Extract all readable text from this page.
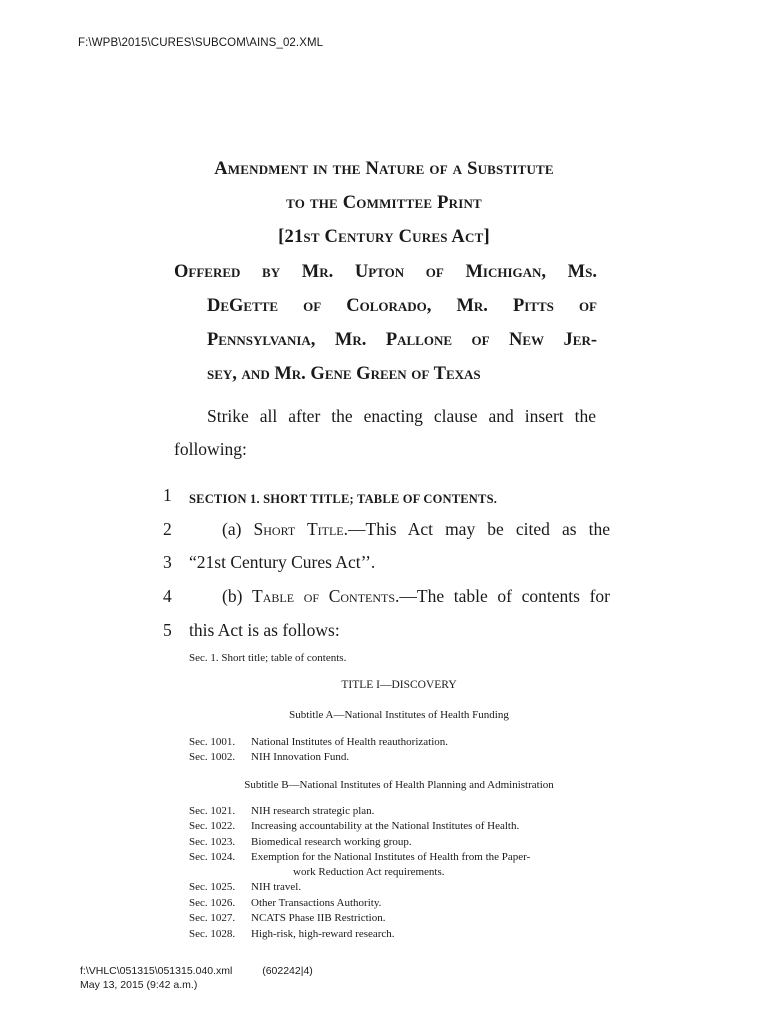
F:\WPB\2015\CURES\SUBCOM\AINS_02.XML
Amendment in the Nature of a Substitute
to the Committee Print
[21st Century Cures Act]
Offered by Mr. Upton of Michigan, Ms.
DeGette of Colorado, Mr. Pitts of
Pennsylvania, Mr. Pallone of New Jer-
sey, and Mr. Gene Green of Texas
Strike all after the enacting clause and insert the
following:
1 SECTION 1. SHORT TITLE; TABLE OF CONTENTS.
2	(a) Short Title.—This Act may be cited as the
3 “21st Century Cures Act’’.
4	(b) Table of Contents.—The table of contents for
5 this Act is as follows:
Sec. 1. Short title; table of contents.
TITLE I—DISCOVERY
Subtitle A—National Institutes of Health Funding
Sec. 1001. National Institutes of Health reauthorization.
Sec. 1002. NIH Innovation Fund.
Subtitle B—National Institutes of Health Planning and Administration
Sec. 1021. NIH research strategic plan.
Sec. 1022. Increasing accountability at the National Institutes of Health.
Sec. 1023. Biomedical research working group.
Sec. 1024. Exemption for the National Institutes of Health from the Paper-
work Reduction Act requirements.
Sec. 1025. NIH travel.
Sec. 1026. Other Transactions Authority.
Sec. 1027. NCATS Phase IIB Restriction.
Sec. 1028. High-risk, high-reward research.
f:\VHLC\051315\051315.040.xml	(602242|4)
May 13, 2015 (9:42 a.m.)
